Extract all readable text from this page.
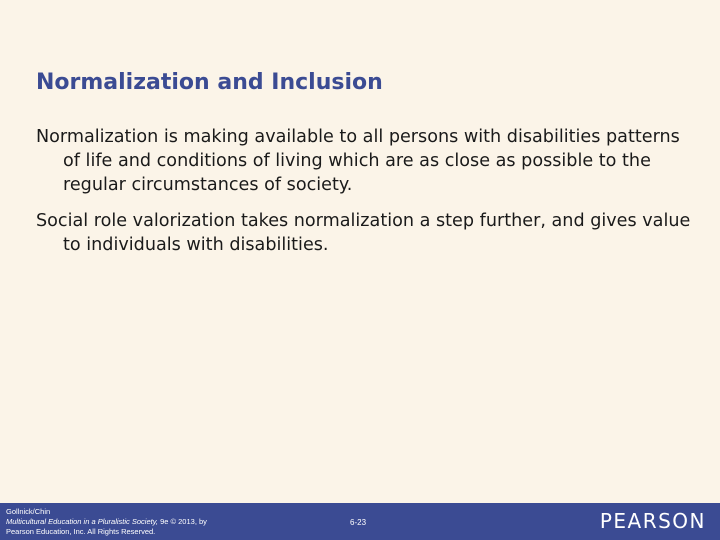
Normalization and Inclusion

Normalization is making available to all persons with disabilities patterns of life and conditions of living which are as close as possible to the regular circumstances of society.

Social role valorization takes normalization a step further, and gives value to individuals with disabilities.

Gollnick/Chin
Multicultural Education in a Pluralistic Society, 9e © 2013, by
Pearson Education, Inc. All Rights Reserved.
6-23	PEARSON
